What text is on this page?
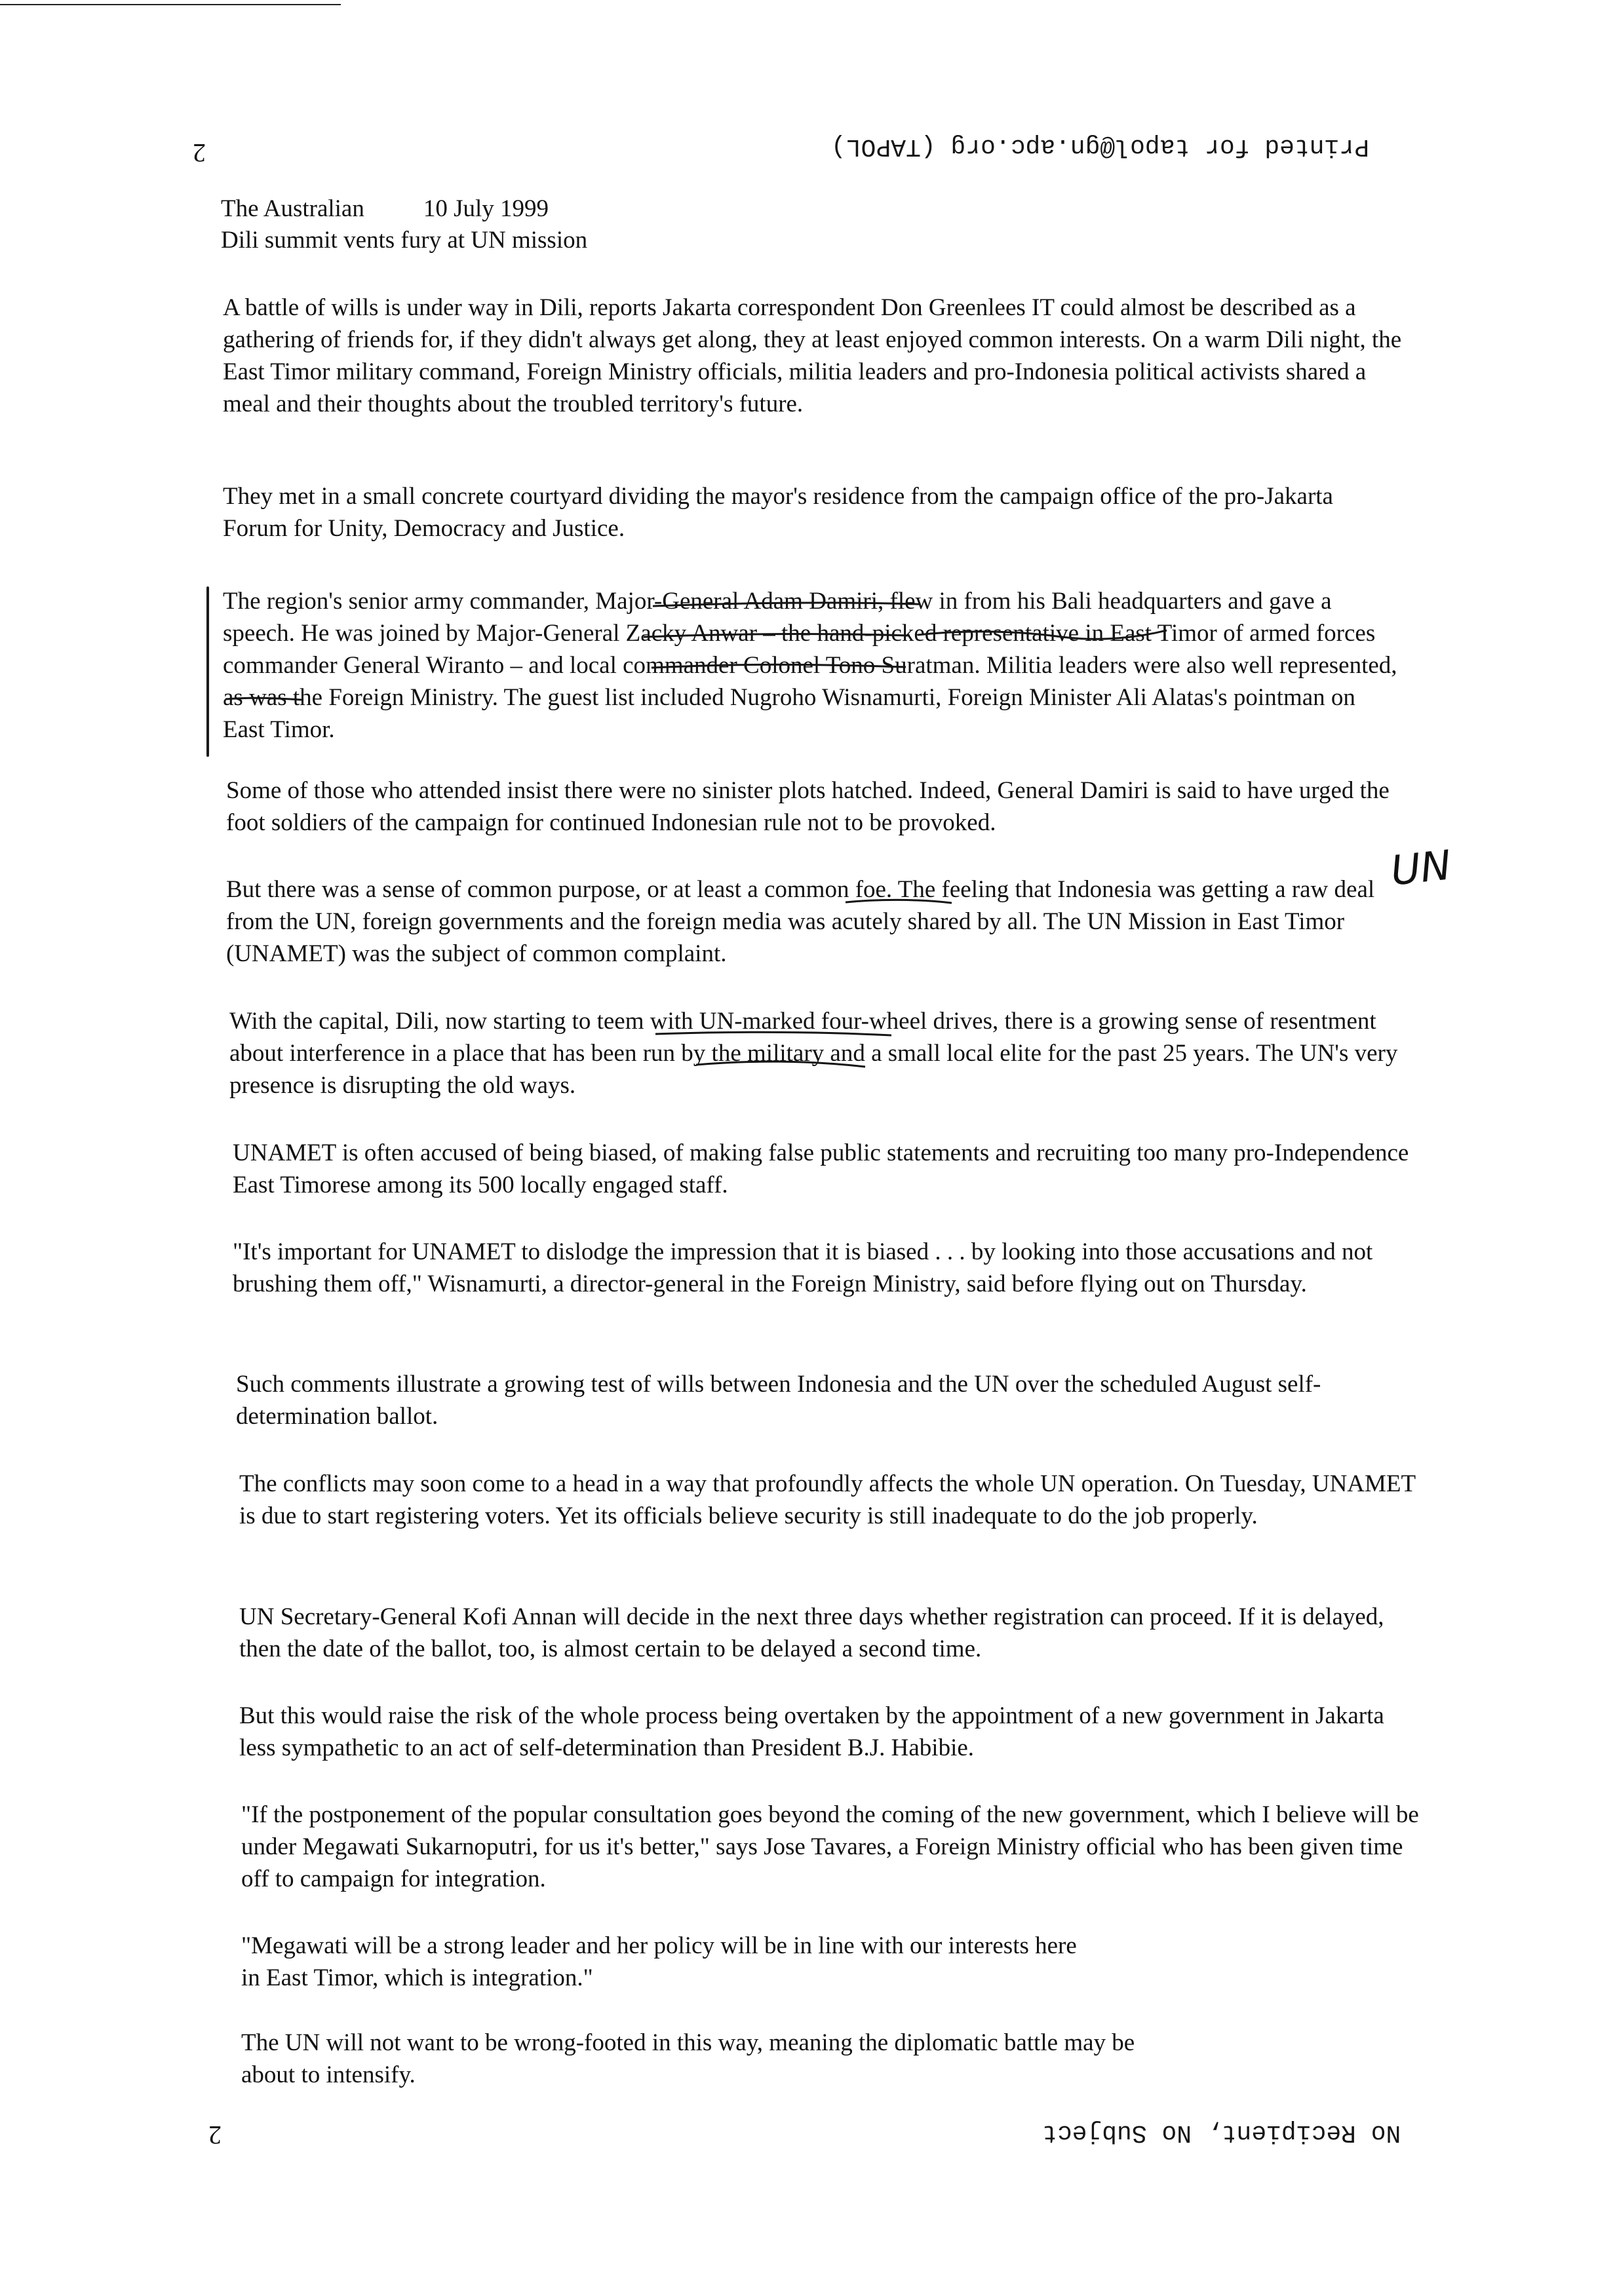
Printed for tapol@gn.apc.org (TAPOL)
2
The Australian 10 July 1999
Dili summit vents fury at UN mission
A battle of wills is under way in Dili, reports Jakarta correspondent Don Greenlees IT could almost be described as a gathering of friends for, if they didn't always get along, they at least enjoyed common interests. On a warm Dili night, the East Timor military command, Foreign Ministry officials, militia leaders and pro-Indonesia political activists shared a meal and their thoughts about the troubled territory's future.
They met in a small concrete courtyard dividing the mayor's residence from the campaign office of the pro-Jakarta Forum for Unity, Democracy and Justice.
The region's senior army commander, Major-General Adam Damiri, flew in from his Bali headquarters and gave a speech. He was joined by Major-General Zacky Anwar – the hand-picked representative in East Timor of armed forces commander General Wiranto – and local commander Colonel Tono Suratman. Militia leaders were also well represented, as was the Foreign Ministry. The guest list included Nugroho Wisnamurti, Foreign Minister Ali Alatas's pointman on East Timor.
Some of those who attended insist there were no sinister plots hatched. Indeed, General Damiri is said to have urged the foot soldiers of the campaign for continued Indonesian rule not to be provoked.
But there was a sense of common purpose, or at least a common foe. The feeling that Indonesia was getting a raw deal from the UN, foreign governments and the foreign media was acutely shared by all. The UN Mission in East Timor (UNAMET) was the subject of common complaint.
With the capital, Dili, now starting to teem with UN-marked four-wheel drives, there is a growing sense of resentment about interference in a place that has been run by the military and a small local elite for the past 25 years. The UN's very presence is disrupting the old ways.
UNAMET is often accused of being biased, of making false public statements and recruiting too many pro-Independence East Timorese among its 500 locally engaged staff.
"It's important for UNAMET to dislodge the impression that it is biased . . . by looking into those accusations and not brushing them off," Wisnamurti, a director-general in the Foreign Ministry, said before flying out on Thursday.
Such comments illustrate a growing test of wills between Indonesia and the UN over the scheduled August self-determination ballot.
The conflicts may soon come to a head in a way that profoundly affects the whole UN operation. On Tuesday, UNAMET is due to start registering voters. Yet its officials believe security is still inadequate to do the job properly.
UN Secretary-General Kofi Annan will decide in the next three days whether registration can proceed. If it is delayed, then the date of the ballot, too, is almost certain to be delayed a second time.
But this would raise the risk of the whole process being overtaken by the appointment of a new government in Jakarta less sympathetic to an act of self-determination than President B.J. Habibie.
"If the postponement of the popular consultation goes beyond the coming of the new government, which I believe will be under Megawati Sukarnoputri, for us it's better," says Jose Tavares, a Foreign Ministry official who has been given time off to campaign for integration.
"Megawati will be a strong leader and her policy will be in line with our interests here in East Timor, which is integration."
The UN will not want to be wrong-footed in this way, meaning the diplomatic battle may be about to intensify.
UN
No Recipient, No Subject
2
